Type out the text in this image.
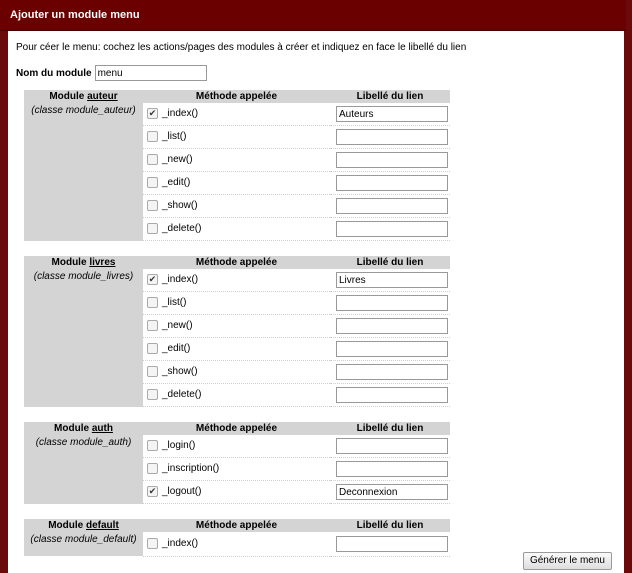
Ajouter un module menu
Pour céer le menu: cochez les actions/pages des modules à créer et indiquez en face le libellé du lien
Nom du module
menu
Module auteur	Méthode appelée	Libellé du lien
(classe module_auteur)	✔ _index()	Auteurs
	_list()	
	_new()	
	_edit()	
	_show()	
	_delete()	
Module livres	Méthode appelée	Libellé du lien
(classe module_livres)	✔ _index()	Livres
	_list()	
	_new()	
	_edit()	
	_show()	
	_delete()	
Module auth	Méthode appelée	Libellé du lien
(classe module_auth)	_login()	
	_inscription()	
	✔ _logout()	Deconnexion
Module default	Méthode appelée	Libellé du lien
(classe module_default)	_index()	
Générer le menu
